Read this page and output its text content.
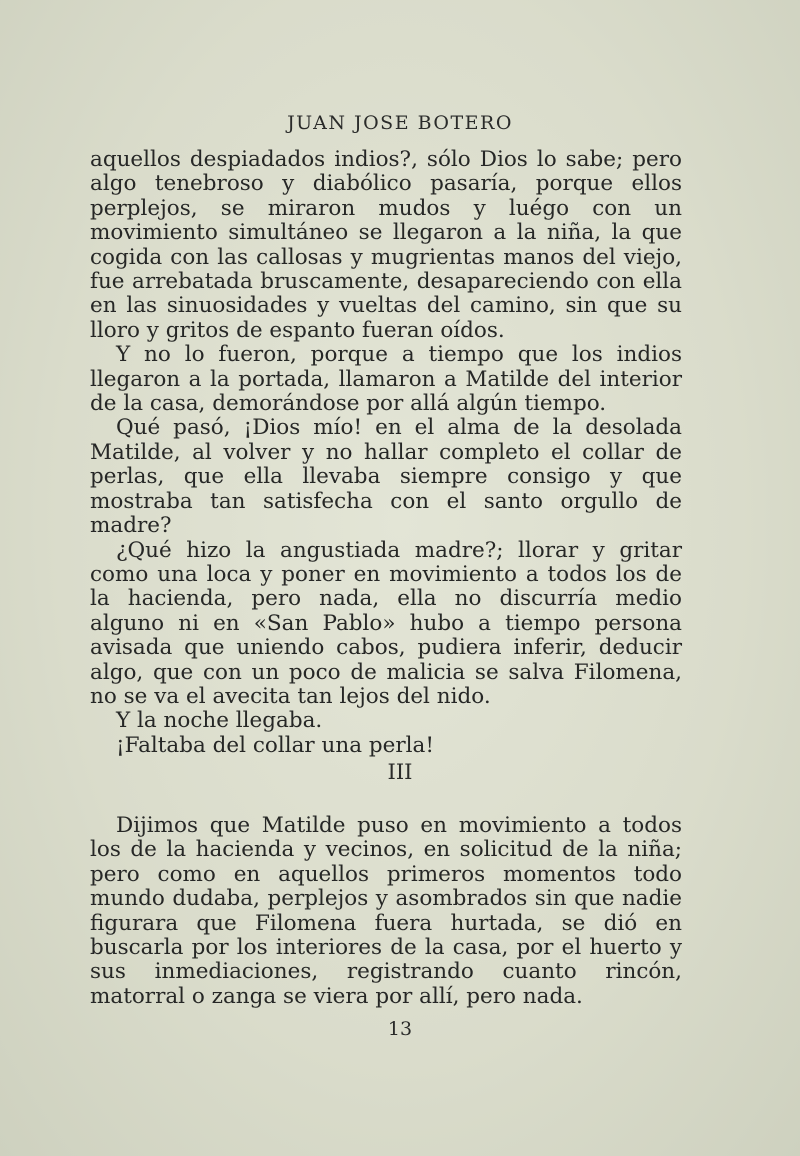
JUAN JOSE BOTERO

aquellos despiadados indios?, sólo Dios lo sabe; pero algo tenebroso y diabólico pasaría, porque ellos perplejos, se miraron mudos y luégo con un movimiento simultáneo se llegaron a la niña, la que cogida con las callosas y mugrientas manos del viejo, fue arrebatada bruscamente, desapareciendo con ella en las sinuosidades y vueltas del camino, sin que su lloro y gritos de espanto fueran oídos.

Y no lo fueron, porque a tiempo que los indios llegaron a la portada, llamaron a Matilde del interior de la casa, demorándose por allá algún tiempo.

Qué pasó, ¡Dios mío! en el alma de la desolada Matilde, al volver y no hallar completo el collar de perlas, que ella llevaba siempre consigo y que mostraba tan satisfecha con el santo orgullo de madre?

¿Qué hizo la angustiada madre?; llorar y gritar como una loca y poner en movimiento a todos los de la hacienda, pero nada, ella no discurría medio alguno ni en «San Pablo» hubo a tiempo persona avisada que uniendo cabos, pudiera inferir, deducir algo, que con un poco de malicia se salva Filomena, no se va el avecita tan lejos del nido.

Y la noche llegaba.

¡Faltaba del collar una perla!

III

Dijimos que Matilde puso en movimiento a todos los de la hacienda y vecinos, en solicitud de la niña; pero como en aquellos primeros momentos todo mundo dudaba, perplejos y asombrados sin que nadie figurara que Filomena fuera hurtada, se dió en buscarla por los interiores de la casa, por el huerto y sus inmediaciones, registrando cuanto rincón, matorral o zanga se viera por allí, pero nada.

13
